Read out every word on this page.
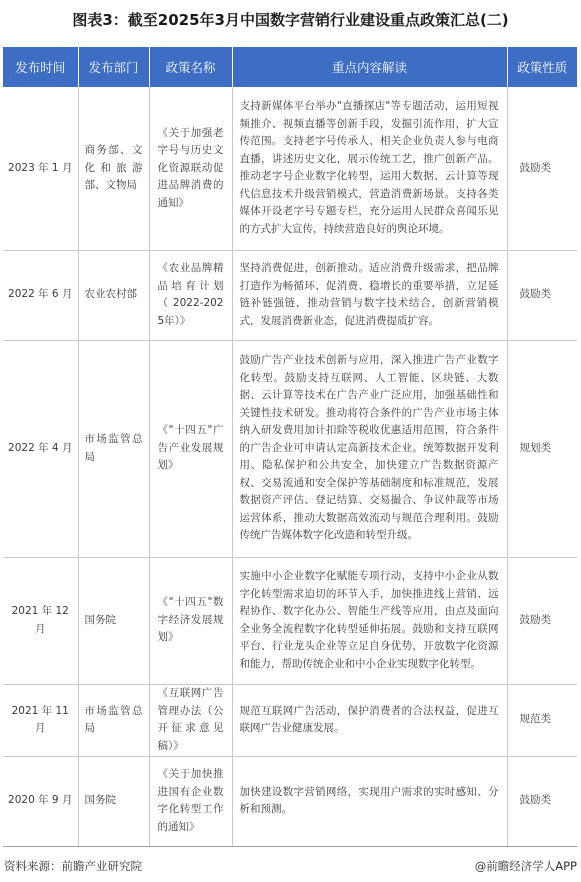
图表3：截至2025年3月中国数字营销行业建设重点政策汇总(二)
发布时间	发布部门	政策名称	重点内容解读	政策性质
2023 年 1 月	商务部、文化和旅游部、文物局	《关于加强老字号与历史文化资源联动促进品牌消费的通知》	支持新媒体平台举办"直播探店"等专题活动，运用短视频推介、视频直播等创新手段，发掘引流作用，扩大宣传范围。支持老字号传承人、相关企业负责人参与电商直播，讲述历史文化，展示传统工艺，推广创新产品。推动老字号企业数字化转型，运用大数据、云计算等现代信息技术升级营销模式，营造消费新场景。支持各类媒体开设老字号专题专栏，充分运用人民群众喜闻乐见的方式扩大宣传，持续营造良好的舆论环境。	鼓励类
2022 年 6 月	农业农村部	《农业品牌精品培育计划（2022-2025年）》	坚持消费促进，创新推动。适应消费升级需求，把品牌打造作为畅循环、促消费、稳增长的重要举措，立足延链补链强链，推动营销与数字技术结合，创新营销模式，发展消费新业态，促进消费提质扩容。	鼓励类
2022 年 4 月	市场监管总局	《"十四五"广告产业发展规划》	鼓励广告产业技术创新与应用，深入推进广告产业数字化转型。鼓励支持互联网、人工智能、区块链、大数据、云计算等技术在广告产业广泛应用，加强基础性和关键性技术研发。推动将符合条件的广告产业市场主体纳入研发费用加计扣除等税收优惠适用范围，符合条件的广告企业可申请认定高新技术企业。统筹数据开发利用、隐私保护和公共安全，加快建立广告数据资源产权、交易流通和安全保护等基础制度和标准规范，发展数据资产评估、登记结算、交易撮合、争议仲裁等市场运营体系，推动大数据高效流动与规范合理利用。鼓励传统广告媒体数字化改造和转型升级。	规划类
2021 年 12 月	国务院	《"十四五"数字经济发展规划》	实施中小企业数字化赋能专项行动，支持中小企业从数字化转型需求迫切的环节入手，加快推进线上营销、远程协作、数字化办公、智能生产线等应用，由点及面向全业务全流程数字化转型延伸拓展。鼓励和支持互联网平台、行业龙头企业等立足自身优势，开放数字化资源和能力，帮助传统企业和中小企业实现数字化转型。	鼓励类
2021 年 11 月	市场监管总局	《互联网广告管理办法（公开征求意见稿）》	规范互联网广告活动，保护消费者的合法权益，促进互联网广告业健康发展。	规范类
2020 年 9 月	国务院	《关于加快推进国有企业数字化转型工作的通知》	加快建设数字营销网络，实现用户需求的实时感知、分析和预测。	鼓励类
资料来源：前瞻产业研究院	@前瞻经济学人APP
